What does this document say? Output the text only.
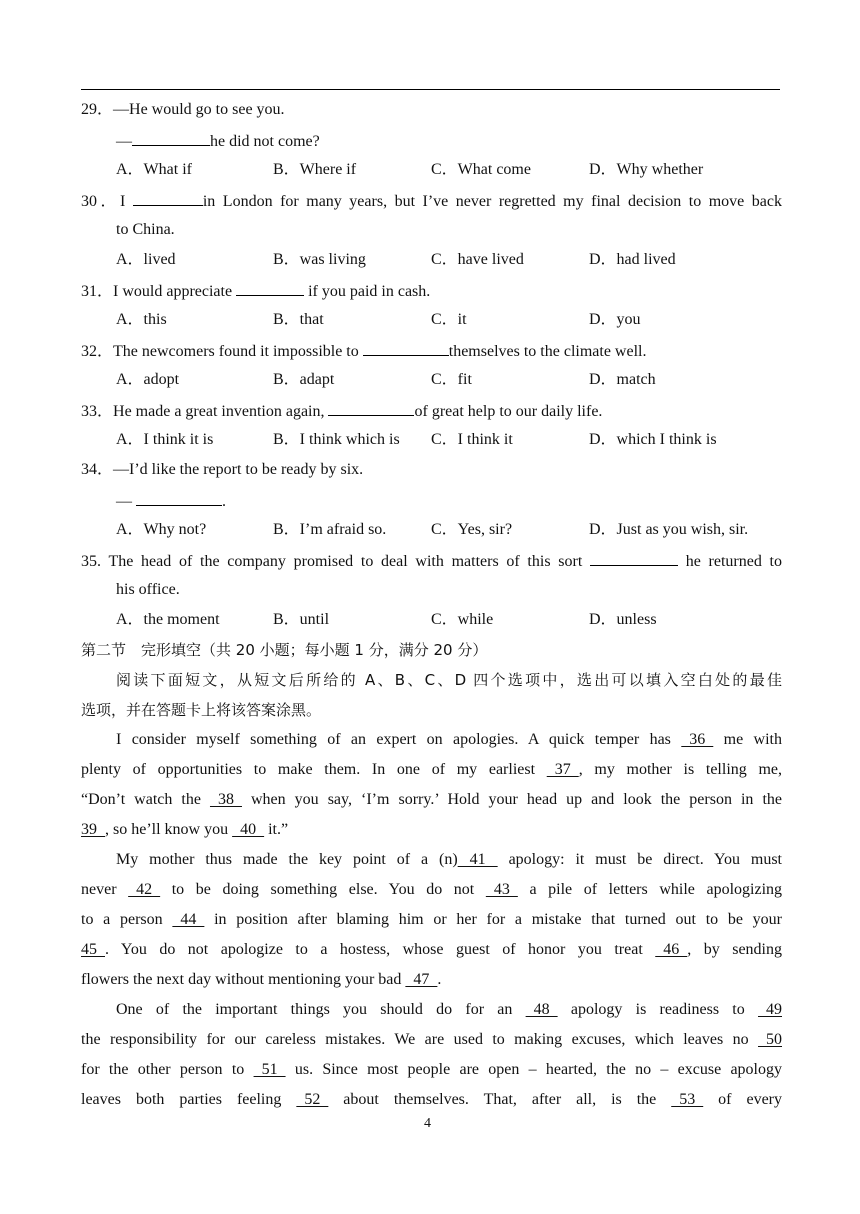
29．—He would go to see you.
—	he did not come?
A．What if	B．Where if	C．What come	D．Why whether
30．I	in London for many years, but I’ve never regretted my final decision to move back
to China.
A．lived	B．was living	C．have lived	D．had lived
31．I would appreciate	if you paid in cash.
A．this	B．that	C．it	D．you
32．The newcomers found it impossible to	themselves to the climate well.
A．adopt	B．adapt	C．fit	D．match
33．He made a great invention again,	of great help to our daily life.
A．I think it is	B．I think which is C．I think it	D．which I think is
34．—I’d like the report to be ready by six.
—	.
A．Why not?	B．I’m afraid so.	C．Yes, sir?	D．Just as you wish, sir.
35. The head of the company promised to deal with matters of this sort	he returned to
his office.
A．the moment	B．until	C．while	D．unless
第二节　完形填空（共 20 小题；每小题 1 分，满分 20 分）
阅读下面短文，从短文后所给的 A、B、C、D 四个选项中，选出可以填入空白处的最佳
选项，并在答题卡上将该答案涂黑。
I consider myself something of an expert on apologies. A quick temper has   36   me with
plenty of opportunities to make them. In one of my earliest   37  , my mother is telling me,
“Don’t watch the   38   when you say, ‘I’m sorry.’ Hold your head up and look the person in the
39  , so he’ll know you   40   it.”
My mother thus made the key point of a (n)   41    apology: it must be direct. You must
never   42   to be doing something else. You do not   43   a pile of letters while apologizing
to a person   44   in position after blaming him or her for a mistake that turned out to be your
45  . You do not apologize to a hostess, whose guest of honor you treat   46  , by sending
flowers the next day without mentioning your bad   47  .
One of the important things you should do for an   48   apology is readiness to   49
the responsibility for our careless mistakes. We are used to making excuses, which leaves no   50
for the other person to   51   us. Since most people are open – hearted, the no – excuse apology
leaves both parties feeling   52   about themselves. That, after all, is the   53   of every
4
